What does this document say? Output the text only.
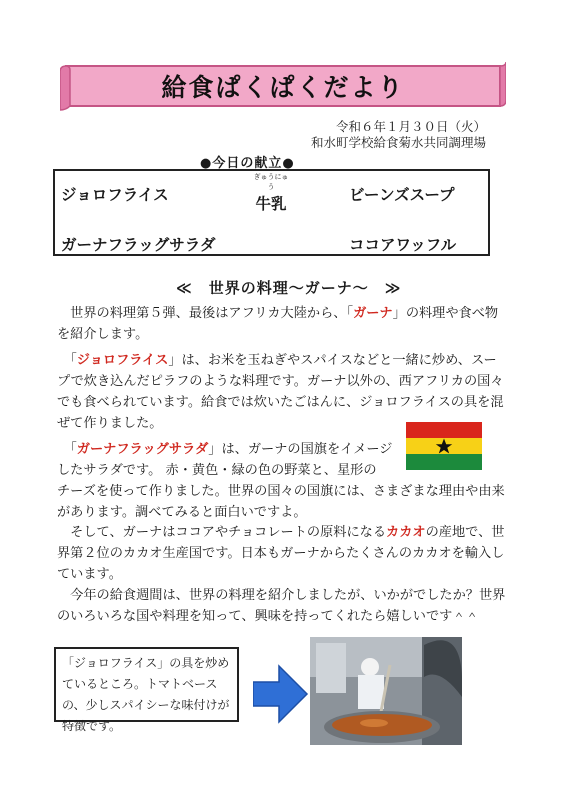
給食ぱくぱくだより
令和６年１月３０日（火）
和水町学校給食菊水共同調理場
●今日の献立●
ジョロフライス
ぎゅうにゅう
牛乳	ビーンズスープ
ガーナフラッグサラダ	ココアワッフル
≪　世界の料理～ガーナ～　≫

　世界の料理第５弾、最後はアフリカ大陸から、「ガーナ」の料理や食べ物を紹介します。

　「ジョロフライス」は、お米を玉ねぎやスパイスなどと一緒に炒め、スープで炊き込んだピラフのような料理です。ガーナ以外の、西アフリカの国々でも食べられています。給食では炊いたごはんに、ジョロフライスの具を混ぜて作りました。

　「ガーナフラッグサラダ」は、ガーナの国旗をイメージしたサラダです。 赤・黄色・緑の色の野菜と、星形の

チーズを使って作りました。世界の国々の国旗には、さまざまな理由や由来があります。調べてみると面白いですよ。

　そして、ガーナはココアやチョコレートの原料になるカカオの産地で、世界第２位のカカオ生産国です。日本もガーナからたくさんのカカオを輸入しています。

　今年の給食週間は、世界の料理を紹介しましたが、いかがでしたか？世界のいろいろな国や料理を知って、興味を持ってくれたら嬉しいです＾＾

「ジョロフライス」の具を炒めているところ。トマトベースの、少しスパイシーな味付けが特徴です。
